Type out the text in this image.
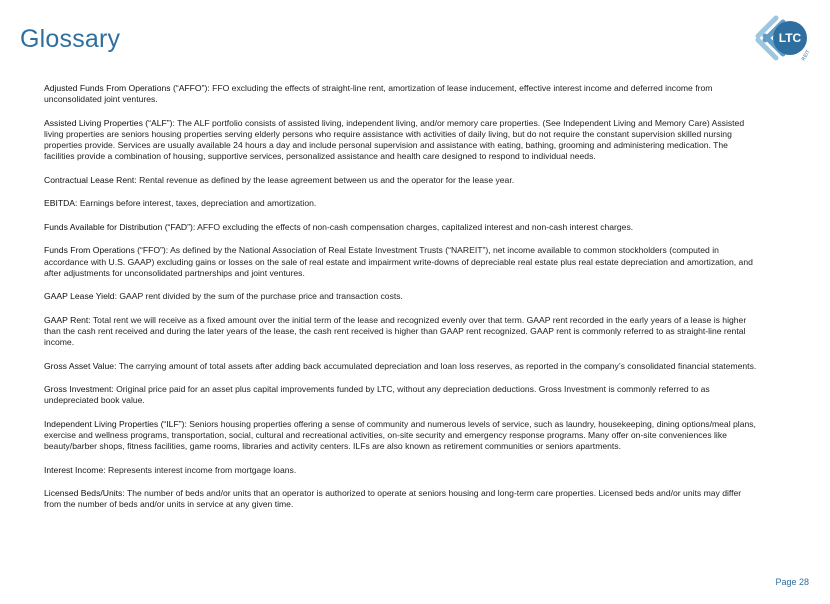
Glossary	LTC
REIT
Adjusted Funds From Operations (“AFFO”): FFO excluding the effects of straight-line rent, amortization of lease inducement, effective interest income and deferred income from unconsolidated joint ventures.
Assisted Living Properties (“ALF”): The ALF portfolio consists of assisted living, independent living, and/or memory care properties. (See Independent Living and Memory Care) Assisted living properties are seniors housing properties serving elderly persons who require assistance with activities of daily living, but do not require the constant supervision skilled nursing properties provide. Services are usually available 24 hours a day and include personal supervision and assistance with eating, bathing, grooming and administering medication. The facilities provide a combination of housing, supportive services, personalized assistance and health care designed to respond to individual needs.
Contractual Lease Rent: Rental revenue as defined by the lease agreement between us and the operator for the lease year.
EBITDA: Earnings before interest, taxes, depreciation and amortization.
Funds Available for Distribution (“FAD”): AFFO excluding the effects of non-cash compensation charges, capitalized interest and non-cash interest charges.
Funds From Operations (“FFO”): As defined by the National Association of Real Estate Investment Trusts (“NAREIT”), net income available to common stockholders (computed in accordance with U.S. GAAP) excluding gains or losses on the sale of real estate and impairment write-downs of depreciable real estate plus real estate depreciation and amortization, and after adjustments for unconsolidated partnerships and joint ventures.
GAAP Lease Yield: GAAP rent divided by the sum of the purchase price and transaction costs.
GAAP Rent: Total rent we will receive as a fixed amount over the initial term of the lease and recognized evenly over that term. GAAP rent recorded in the early years of a lease is higher than the cash rent received and during the later years of the lease, the cash rent received is higher than GAAP rent recognized. GAAP rent is commonly referred to as straight-line rental income.
Gross Asset Value: The carrying amount of total assets after adding back accumulated depreciation and loan loss reserves, as reported in the company’s consolidated financial statements.
Gross Investment: Original price paid for an asset plus capital improvements funded by LTC, without any depreciation deductions. Gross Investment is commonly referred to as undepreciated book value.
Independent Living Properties (“ILF”): Seniors housing properties offering a sense of community and numerous levels of service, such as laundry, housekeeping, dining options/meal plans, exercise and wellness programs, transportation, social, cultural and recreational activities, on-site security and emergency response programs. Many offer on-site conveniences like beauty/barber shops, fitness facilities, game rooms, libraries and activity centers. ILFs are also known as retirement communities or seniors apartments.
Interest Income: Represents interest income from mortgage loans.
Licensed Beds/Units: The number of beds and/or units that an operator is authorized to operate at seniors housing and long-term care properties. Licensed beds and/or units may differ from the number of beds and/or units in service at any given time.
Page 28
